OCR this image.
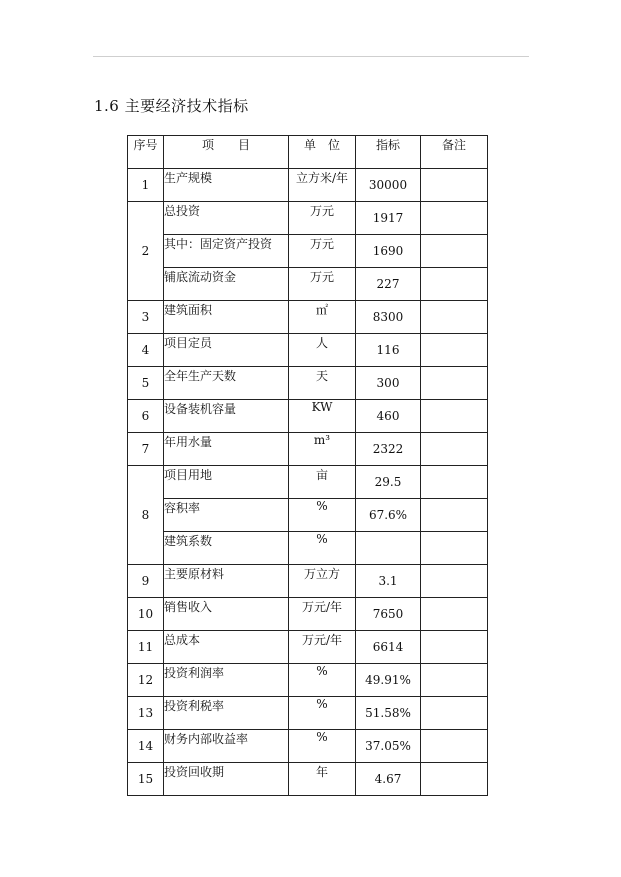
1.6 主要经济技术指标
序号	项　　目	单　位	指标	备注
1	生产规模	立方米/年	30000	
2	总投资	万元	1917	
	其中：固定资产投资	万元	1690	
	铺底流动资金	万元	227	
3	建筑面积	㎡	8300	
4	项目定员	人	116	
5	全年生产天数	天	300	
6	设备装机容量	KW	460	
7	年用水量	m³	2322	
8	项目用地	亩	29.5	
	容积率	%	67.6%	
	建筑系数	%		
9	主要原材料	万立方	3.1	
10	销售收入	万元/年	7650	
11	总成本	万元/年	6614	
12	投资利润率	%	49.91%	
13	投资利税率	%	51.58%	
14	财务内部收益率	%	37.05%	
15	投资回收期	年	4.67	
